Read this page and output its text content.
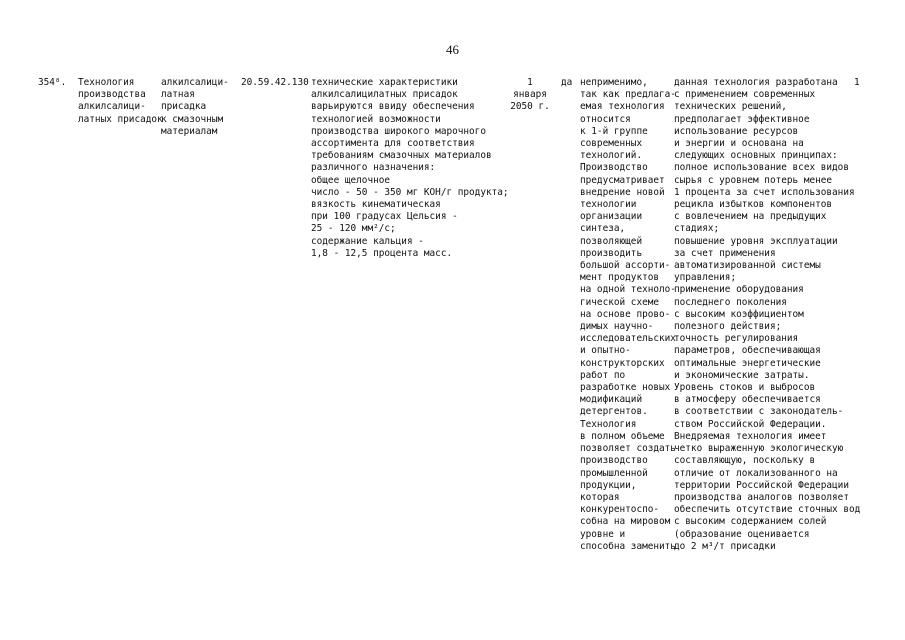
46
354⁸. Технология
производства
алкилсалици-
латных присадок
алкилсалици-
латная
присадка
к смазочным
материалам
20.59.42.130 технические характеристики
алкилсалицилатных присадок
варьируются ввиду обеспечения
технологией возможности
производства широкого марочного
ассортимента для соответствия
требованиям смазочных материалов
различного назначения:
общее щелочное
число - 50 - 350 мг КОН/г продукта;
вязкость кинематическая
при 100 градусах Цельсия -
25 - 120 мм²/с;
содержание кальция -
1,8 - 12,5 процента масс.
1
января
2050 г.
да неприменимо,
так как предлага-
емая технология
относится
к 1-й группе
современных
технологий.
Производство
предусматривает
внедрение новой
технологии
организации
синтеза,
позволяющей
производить
большой ассорти-
мент продуктов
на одной техноло-
гической схеме
на основе прово-
димых научно-
исследовательских
и опытно-
конструкторских
работ по
разработке новых
модификаций
детергентов.
Технология
в полном объеме
позволяет создать
производство
промышленной
продукции,
которая
конкурентоспо-
собна на мировом
уровне и
способна заменить
данная технология разработана
с применением современных
технических решений,
предполагает эффективное
использование ресурсов
и энергии и основана на
следующих основных принципах:
полное использование всех видов
сырья с уровнем потерь менее
1 процента за счет использования
рецикла избытков компонентов
с вовлечением на предыдущих
стадиях;
повышение уровня эксплуатации
за счет применения
автоматизированной системы
управления;
применение оборудования
последнего поколения
с высоким коэффициентом
полезного действия;
точность регулирования
параметров, обеспечивающая
оптимальные энергетические
и экономические затраты.
Уровень стоков и выбросов
в атмосферу обеспечивается
в соответствии с законодатель-
ством Российской Федерации.
Внедряемая технология имеет
четко выраженную экологическую
составляющую, поскольку в
отличие от локализованного на
территории Российской Федерации
производства аналогов позволяет
обеспечить отсутствие сточных вод
с высоким содержанием солей
(образование оценивается
до 2 м³/т присадки
1
